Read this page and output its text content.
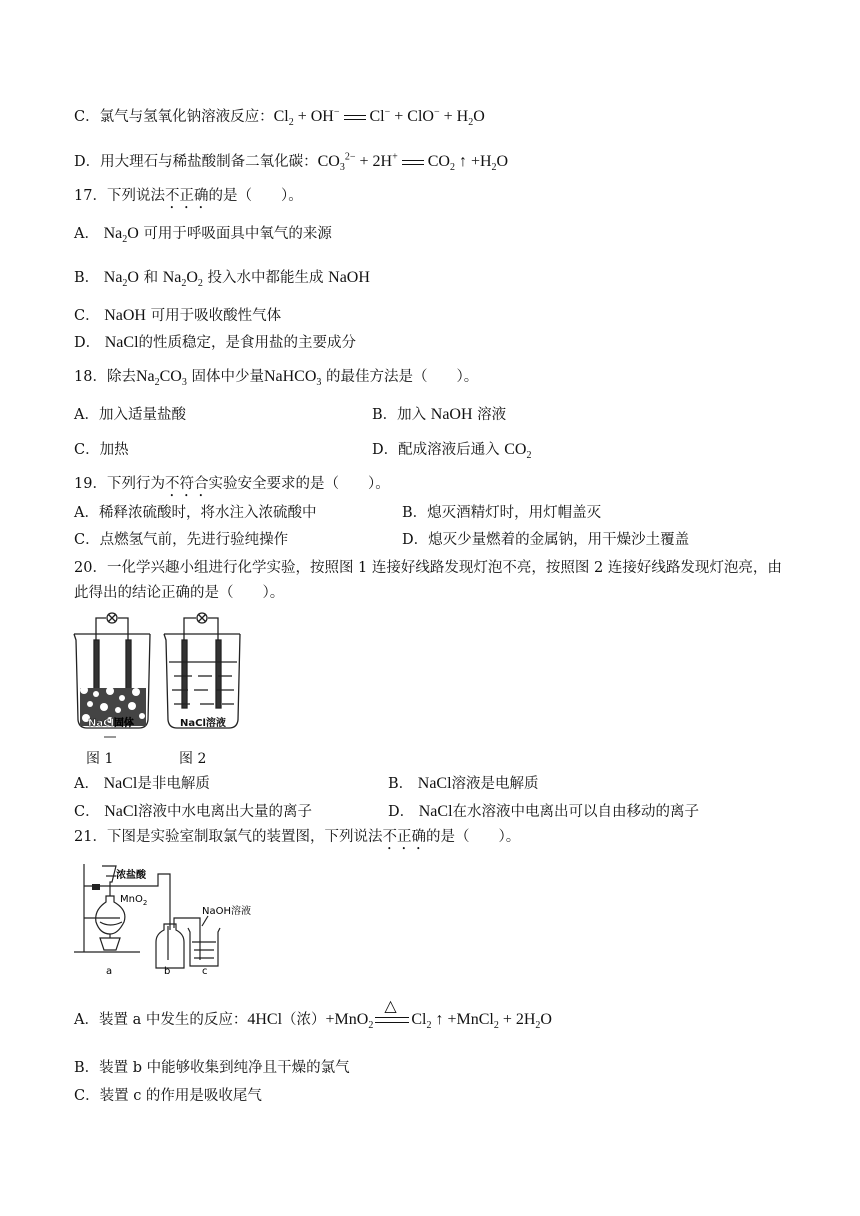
C．氯气与氢氧化钠溶液反应：$Cl_2 + OH^-$ $Cl^- + ClO^- + H_2O$
D．用大理石与稀盐酸制备二氧化碳：$CO_3^{2-} + 2H^+$ $CO_2$ ↑ $+H_2O$
17．下列说法不正确的是（　　）。
A． $Na_2O$ 可用于呼吸面具中氧气的来源
B． $Na_2O$ 和 $Na_2O_2$ 投入水中都能生成 NaOH
C． NaOH 可用于吸收酸性气体
D． NaCl的性质稳定，是食用盐的主要成分
18．除去$Na_2CO_3$ 固体中少量NaHCO$_3$ 的最佳方法是（　　）。
A．加入适量盐酸	B．加入 NaOH 溶液
C．加热	D．配成溶液后通入 $CO_2$
19．下列行为不符合实验安全要求的是（　　）。
A．稀释浓硫酸时，将水注入浓硫酸中	B．熄灭酒精灯时，用灯帽盖灭
C．点燃氢气前，先进行验纯操作	D．熄灭少量燃着的金属钠，用干燥沙土覆盖
20．一化学兴趣小组进行化学实验，按照图 1 连接好线路发现灯泡不亮，按照图 2 连接好线路发现灯泡亮，由
此得出的结论正确的是（　　）。
NaCl固体	NaCl溶液
图 1	图 2
A． NaCl是非电解质	B． NaCl溶液是电解质
C． NaCl溶液中水电离出大量的离子	D． NaCl在水溶液中电离出可以自由移动的离子
21．下图是实验室制取氯气的装置图，下列说法不正确的是（　　）。
浓盐酸
MnO$_2$
NaOH溶液
a	b	c
A．装置 a 中发生的反应：4HCl（浓）+MnO$_2$
△
$Cl_2$ ↑ +MnCl$_2$ + $2H_2O$
B．装置 b 中能够收集到纯净且干燥的氯气
C．装置 c 的作用是吸收尾气
